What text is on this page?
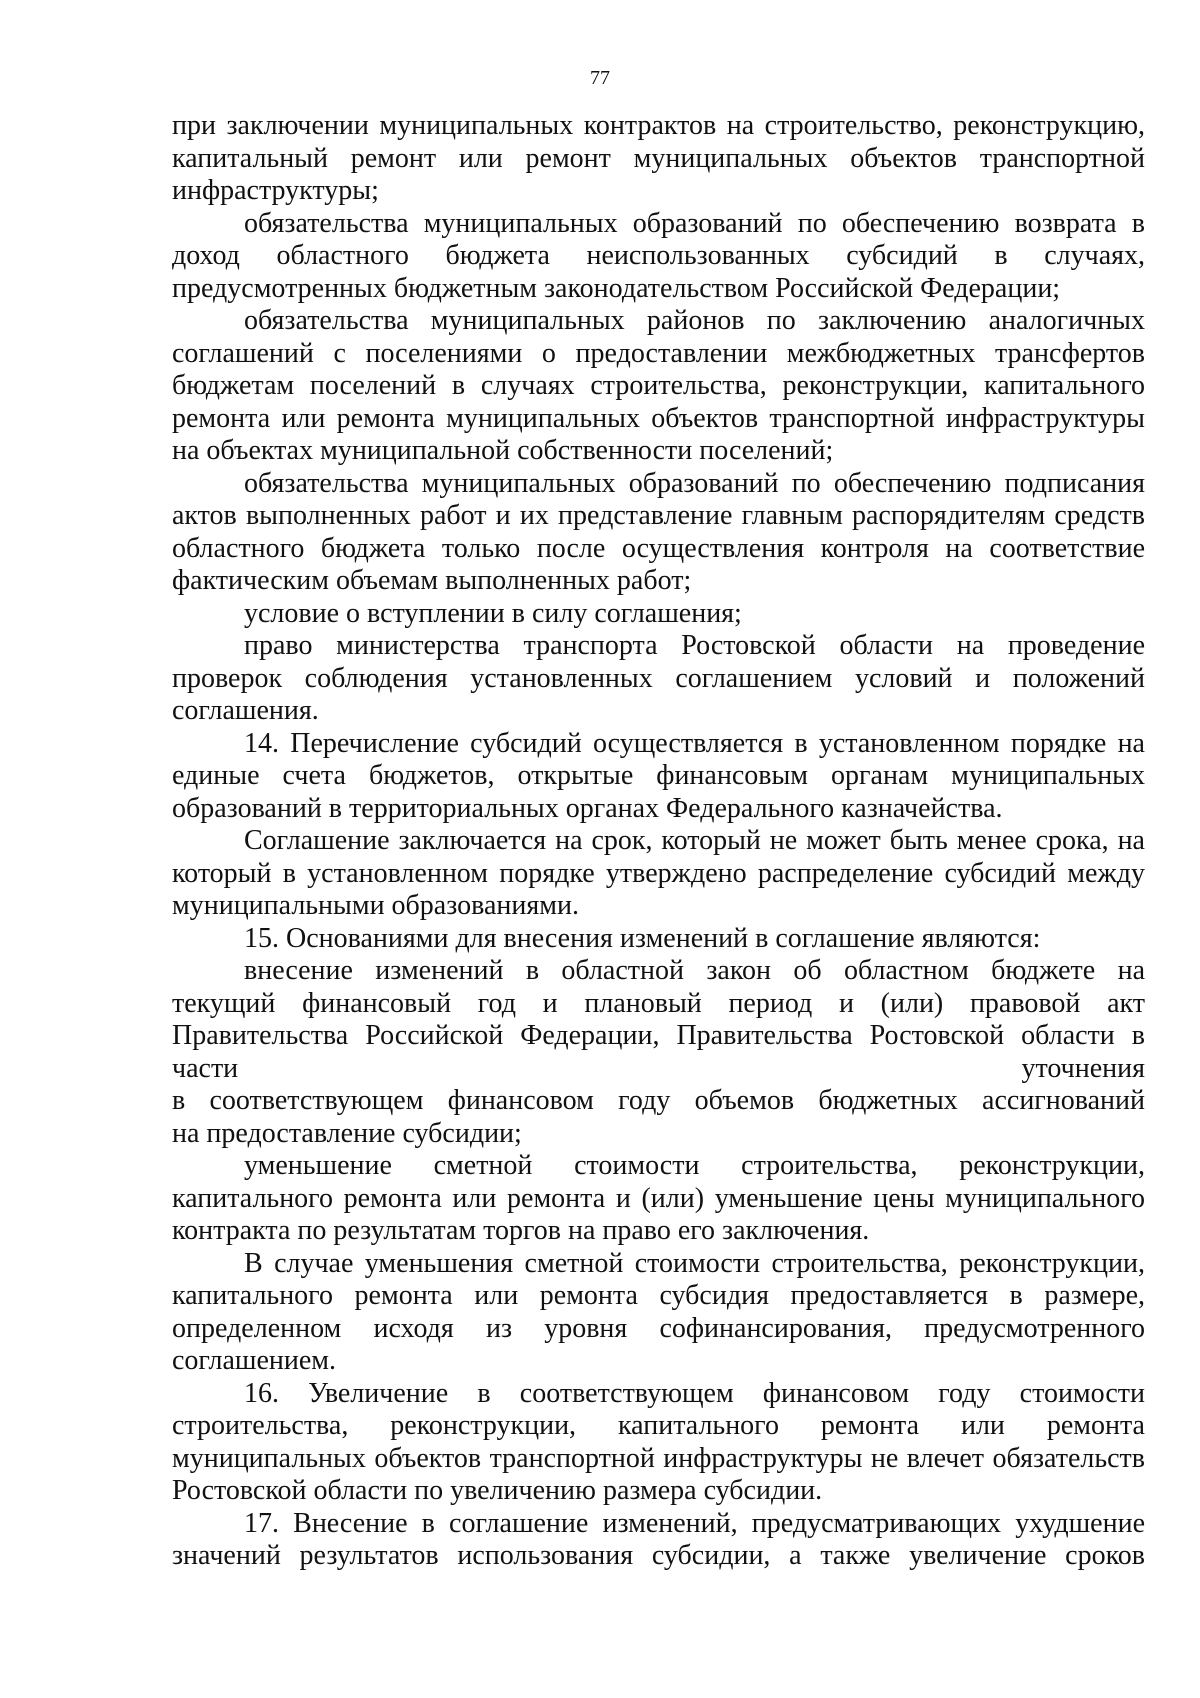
77

при заключении муниципальных контрактов на строительство, реконструкцию, капитальный ремонт или ремонт муниципальных объектов транспортной инфраструктуры;

обязательства муниципальных образований по обеспечению возврата в доход областного бюджета неиспользованных субсидий в случаях, предусмотренных бюджетным законодательством Российской Федерации;

обязательства муниципальных районов по заключению аналогичных соглашений с поселениями о предоставлении межбюджетных трансфертов бюджетам поселений в случаях строительства, реконструкции, капитального ремонта или ремонта муниципальных объектов транспортной инфраструктуры на объектах муниципальной собственности поселений;

обязательства муниципальных образований по обеспечению подписания актов выполненных работ и их представление главным распорядителям средств областного бюджета только после осуществления контроля на соответствие фактическим объемам выполненных работ;

условие о вступлении в силу соглашения;

право министерства транспорта Ростовской области на проведение проверок соблюдения установленных соглашением условий и положений соглашения.

14. Перечисление субсидий осуществляется в установленном порядке на единые счета бюджетов, открытые финансовым органам муниципальных образований в территориальных органах Федерального казначейства.

Соглашение заключается на срок, который не может быть менее срока, на который в установленном порядке утверждено распределение субсидий между муниципальными образованиями.

15. Основаниями для внесения изменений в соглашение являются:

внесение изменений в областной закон об областном бюджете на
текущий финансовый год и плановый период и (или) правовой акт
Правительства Российской Федерации, Правительства Ростовской области в
части уточнения
в соответствующем финансовом году объемов бюджетных ассигнований
на предоставление субсидии;

уменьшение сметной стоимости строительства, реконструкции, капитального ремонта или ремонта и (или) уменьшение цены муниципального контракта по результатам торгов на право его заключения.

В случае уменьшения сметной стоимости строительства, реконструкции, капитального ремонта или ремонта субсидия предоставляется в размере, определенном исходя из уровня софинансирования, предусмотренного соглашением.

16. Увеличение в соответствующем финансовом году стоимости строительства, реконструкции, капитального ремонта или ремонта муниципальных объектов транспортной инфраструктуры не влечет обязательств Ростовской области по увеличению размера субсидии.

17. Внесение в соглашение изменений, предусматривающих ухудшение значений результатов использования субсидии, а также увеличение сроков
